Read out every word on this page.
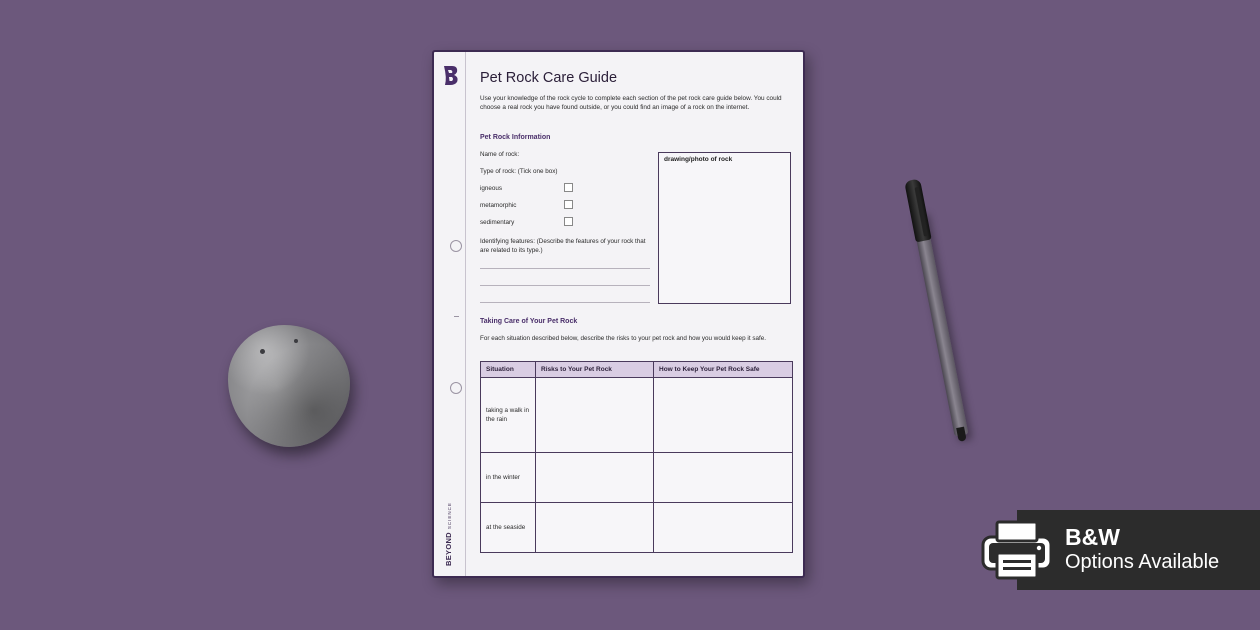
BEYONDSCIENCE
Pet Rock Care Guide
Use your knowledge of the rock cycle to complete each section of the pet rock care guide below. You could choose a real rock you have found outside, or you could find an image of a rock on the internet.
Pet Rock Information
Name of rock:
Type of rock: (Tick one box)
igneous
metamorphic
sedimentary
Identifying features: (Describe the features of your rock that are related to its type.)
drawing/photo of rock
Taking Care of Your Pet Rock
For each situation described below, describe the risks to your pet rock and how you would keep it safe.
Situation	Risks to Your Pet Rock	How to Keep Your Pet Rock Safe
taking a walk in the rain		
in the winter		
at the seaside			B&W
Options Available
